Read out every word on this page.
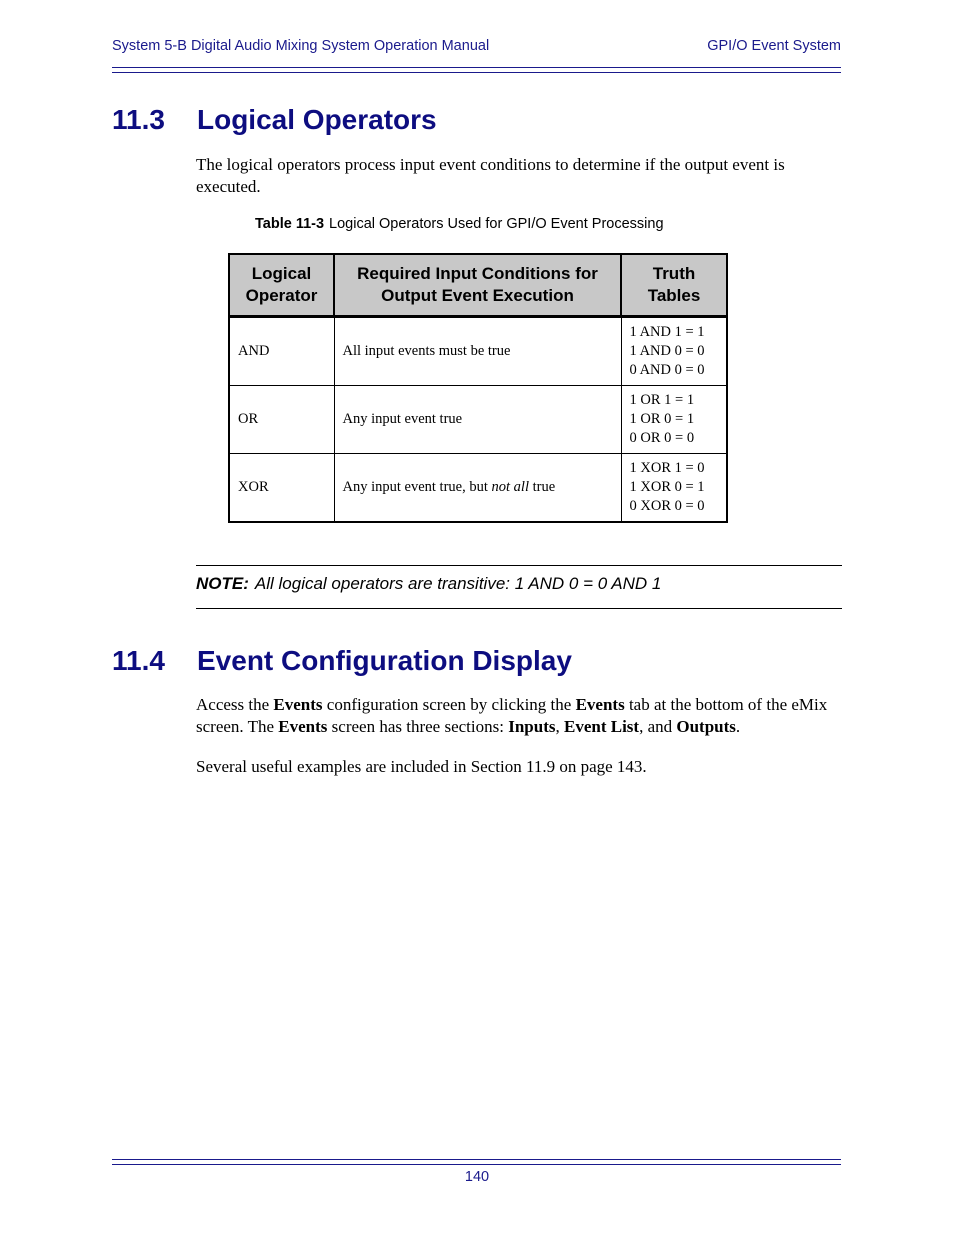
System 5-B Digital Audio Mixing System Operation Manual	GPI/O Event System
11.3 Logical Operators

The logical operators process input event conditions to determine if the output event is executed.

Table 11-3 Logical Operators Used for GPI/O Event Processing
Logical Operator	Required Input Conditions for Output Event Execution	Truth Tables
AND	All input events must be true	1 AND 1 = 1
1 AND 0 = 0
0 AND 0 = 0

OR	Any input event true	1 OR 1 = 1
1 OR 0 = 1
0 OR 0 = 0

XOR	Any input event true, but not all true	1 XOR 1 = 0
1 XOR 0 = 1
0 XOR 0 = 0

NOTE: All logical operators are transitive: 1 AND 0 = 0 AND 1

11.4 Event Configuration Display

Access the Events configuration screen by clicking the Events tab at the bottom of the eMix screen. The Events screen has three sections: Inputs, Event List, and Outputs.

Several useful examples are included in Section 11.9 on page 143.

140
